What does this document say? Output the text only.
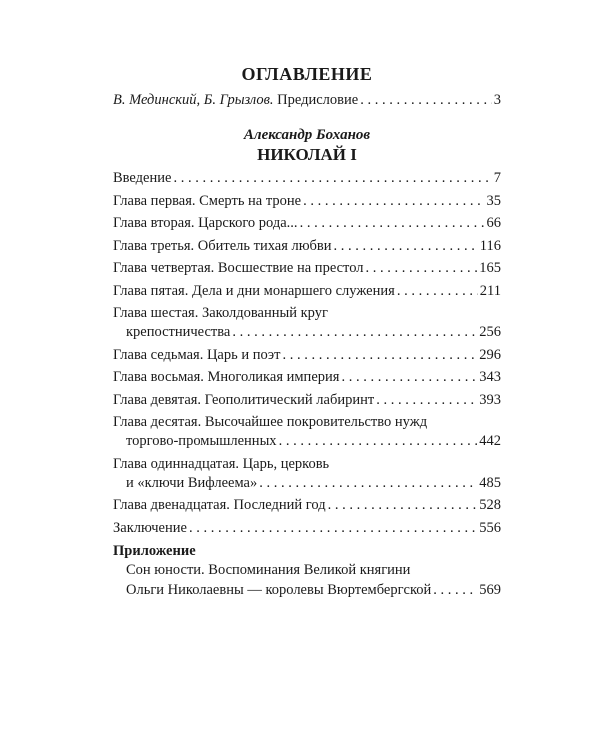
ОГЛАВЛЕНИЕ
В. Мединский, Б. Грызлов. Предисловие . . .	3
Александр Боханов
НИКОЛАЙ I
Введение . . .	7
Глава первая. Смерть на троне . . .	35
Глава вторая. Царского рода... . . .	66
Глава третья. Обитель тихая любви . . .	116
Глава четвертая. Восшествие на престол . . .	165
Глава пятая. Дела и дни монаршего служения . . .	211
Глава шестая. Заколдованный круг
крепостничества . . .	256
Глава седьмая. Царь и поэт . . .	296
Глава восьмая. Многоликая империя . . .	343
Глава девятая. Геополитический лабиринт . . .	393
Глава десятая. Высочайшее покровительство нужд
торгово-промышленных . . .	442
Глава одиннадцатая. Царь, церковь
и «ключи Вифлеема» . . .	485
Глава двенадцатая. Последний год . . .	528
Заключение . . .	556
Приложение
Сон юности. Воспоминания Великой княгини
Ольги Николаевны — королевы Вюртембергской . . .	569
